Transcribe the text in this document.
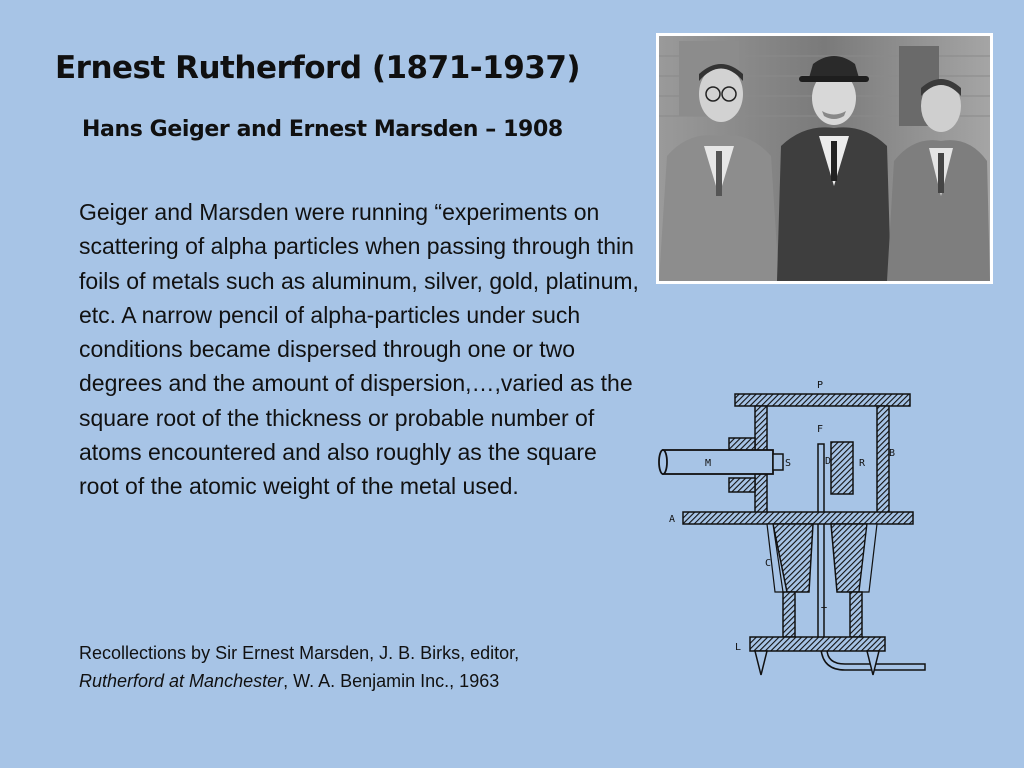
Ernest Rutherford (1871-1937)
Hans Geiger and Ernest Marsden – 1908

Geiger and Marsden were running “experiments on scattering of alpha particles when passing through thin foils of metals such as aluminum, silver, gold, platinum, etc. A narrow pencil of alpha-particles under such conditions became dispersed through one or two degrees and the amount of dispersion,…,varied as the square root of the thickness or probable number of atoms encountered and also roughly as the square root of the atomic weight of the metal used.

Recollections by Sir Ernest Marsden, J. B. Birks, editor, Rutherford at Manchester, W. A. Benjamin Inc., 1963

P
F
B
M	S	D	R
A
C
T
L
